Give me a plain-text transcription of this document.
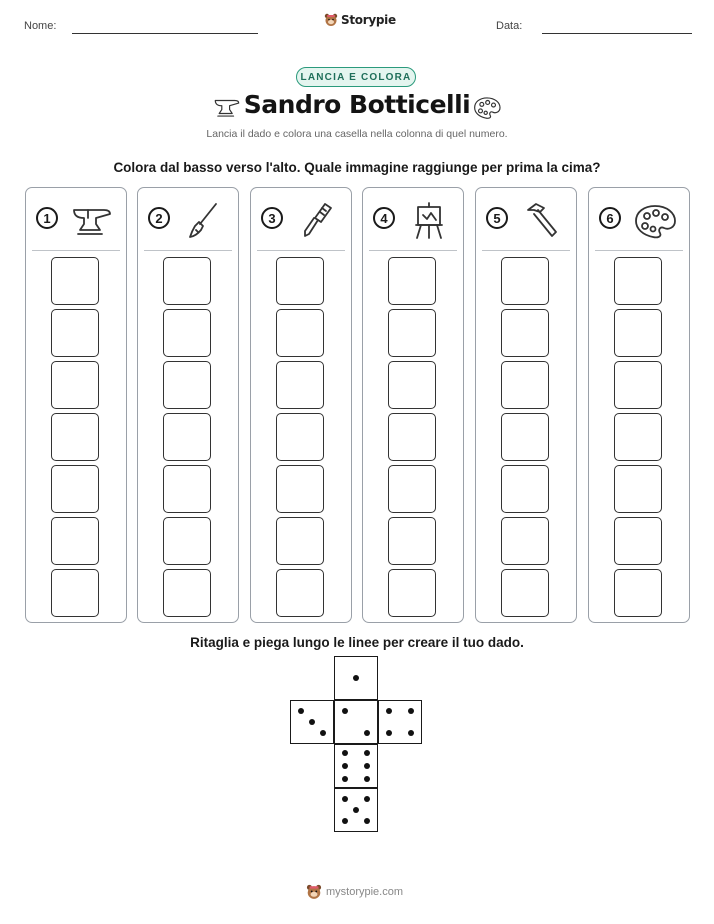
Nome:	Storypie	Data:
LANCIA E COLORA
Sandro Botticelli
Lancia il dado e colora una casella nella colonna di quel numero.
Colora dal basso verso l'alto. Quale immagine raggiunge per prima la cima?
1	2	3	4	5	6
Ritaglia e piega lungo le linee per creare il tuo dado.
mystorypie.com
